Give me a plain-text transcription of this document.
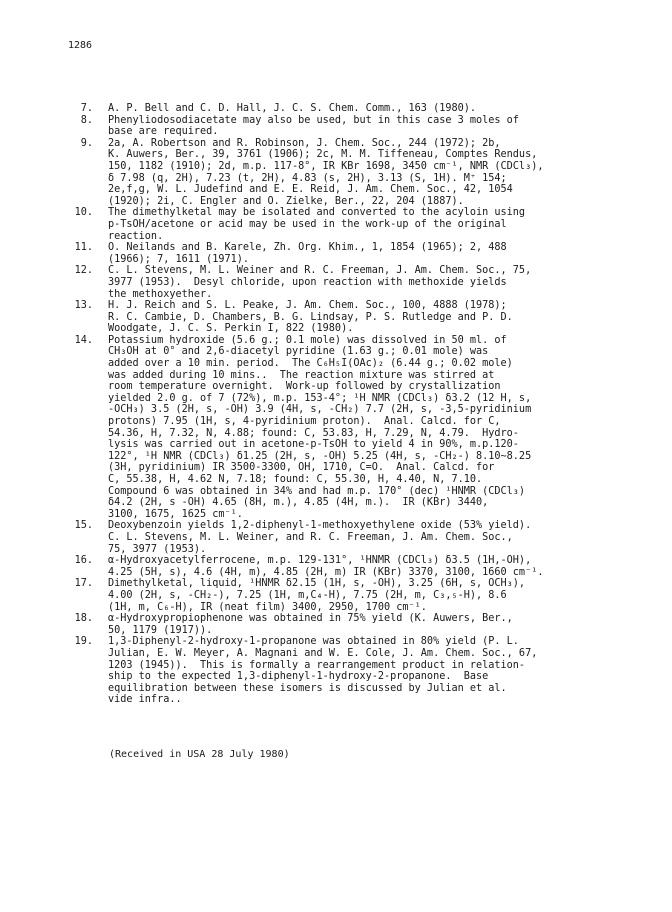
1286
7.	A. P. Bell and C. D. Hall, J. C. S. Chem. Comm., 163 (1980).
8.	Phenyliodosodiacetate may also be used, but in this case 3 moles of
base are required.
9.	2a, A. Robertson and R. Robinson, J. Chem. Soc., 244 (1972); 2b,
K. Auwers, Ber., 39, 3761 (1906); 2c, M. M. Tiffeneau, Comptes Rendus,
150, 1182 (1910); 2d, m.p. 117-8°, IR KBr 1698, 3450 cm⁻¹, NMR (CDCl₃),
δ 7.98 (q, 2H), 7.23 (t, 2H), 4.83 (s, 2H), 3.13 (S, 1H). M⁺ 154;
2e,f,g, W. L. Judefind and E. E. Reid, J. Am. Chem. Soc., 42, 1054
(1920); 2i, C. Engler and O. Zielke, Ber., 22, 204 (1887).
10.	The dimethylketal may be isolated and converted to the acyloin using
p-TsOH/acetone or acid may be used in the work-up of the original
reaction.
11.	O. Neilands and B. Karele, Zh. Org. Khim., 1, 1854 (1965); 2, 488
(1966); 7, 1611 (1971).
12.	C. L. Stevens, M. L. Weiner and R. C. Freeman, J. Am. Chem. Soc., 75,
3977 (1953).  Desyl chloride, upon reaction with methoxide yields
the methoxyether.
13.	H. J. Reich and S. L. Peake, J. Am. Chem. Soc., 100, 4888 (1978);
R. C. Cambie, D. Chambers, B. G. Lindsay, P. S. Rutledge and P. D.
Woodgate, J. C. S. Perkin I, 822 (1980).
14.	Potassium hydroxide (5.6 g.; 0.1 mole) was dissolved in 50 ml. of
CH₃OH at 0° and 2,6-diacetyl pyridine (1.63 g.; 0.01 mole) was
added over a 10 min. period.  The C₆H₅I(OAc)₂ (6.44 g.; 0.02 mole)
was added during 10 mins..  The reaction mixture was stirred at
room temperature overnight.  Work-up followed by crystallization
yielded 2.0 g. of 7 (72%), m.p. 153-4°; ¹H NMR (CDCl₃) δ3.2 (12 H, s,
-OCH₃) 3.5 (2H, s, -OH) 3.9 (4H, s, -CH₂) 7.7 (2H, s, -3,5-pyridinium
protons) 7.95 (1H, s, 4-pyridinium proton).  Anal. Calcd. for C,
54.36, H, 7.32, N, 4.88; found: C, 53.83, H, 7.29, N, 4.79.  Hydro-
lysis was carried out in acetone-p-TsOH to yield 4 in 90%, m.p.120-
122°, ¹H NMR (CDCl₃) δ1.25 (2H, s, -OH) 5.25 (4H, s, -CH₂-) 8.10~8.25
(3H, pyridinium) IR 3500-3300, OH, 1710, C=O.  Anal. Calcd. for
C, 55.38, H, 4.62 N, 7.18; found: C, 55.30, H, 4.40, N, 7.10.
Compound 6 was obtained in 34% and had m.p. 170° (dec) ¹HNMR (CDCl₃)
δ4.2 (2H, s -OH) 4.65 (8H, m.), 4.85 (4H, m.).  IR (KBr) 3440,
3100, 1675, 1625 cm⁻¹.
15.	Deoxybenzoin yields 1,2-diphenyl-1-methoxyethylene oxide (53% yield).
C. L. Stevens, M. L. Weiner, and R. C. Freeman, J. Am. Chem. Soc.,
75, 3977 (1953).
16.	α-Hydroxyacetylferrocene, m.p. 129-131°, ¹HNMR (CDCl₃) δ3.5 (1H,-OH),
4.25 (5H, s), 4.6 (4H, m), 4.85 (2H, m) IR (KBr) 3370, 3100, 1660 cm⁻¹.
17.	Dimethylketal, liquid, ¹HNMR δ2.15 (1H, s, -OH), 3.25 (6H, s, OCH₃),
4.00 (2H, s, -CH₂-), 7.25 (1H, m,C₄-H), 7.75 (2H, m, C₃,₅-H), 8.6
(1H, m, C₆-H), IR (neat film) 3400, 2950, 1700 cm⁻¹.
18.	α-Hydroxypropiophenone was obtained in 75% yield (K. Auwers, Ber.,
50, 1179 (1917)).
19.	1,3-Diphenyl-2-hydroxy-1-propanone was obtained in 80% yield (P. L.
Julian, E. W. Meyer, A. Magnani and W. E. Cole, J. Am. Chem. Soc., 67,
1203 (1945)).  This is formally a rearrangement product in relation-
ship to the expected 1,3-diphenyl-1-hydroxy-2-propanone.  Base
equilibration between these isomers is discussed by Julian et al.
vide infra..
(Received in USA 28 July 1980)
